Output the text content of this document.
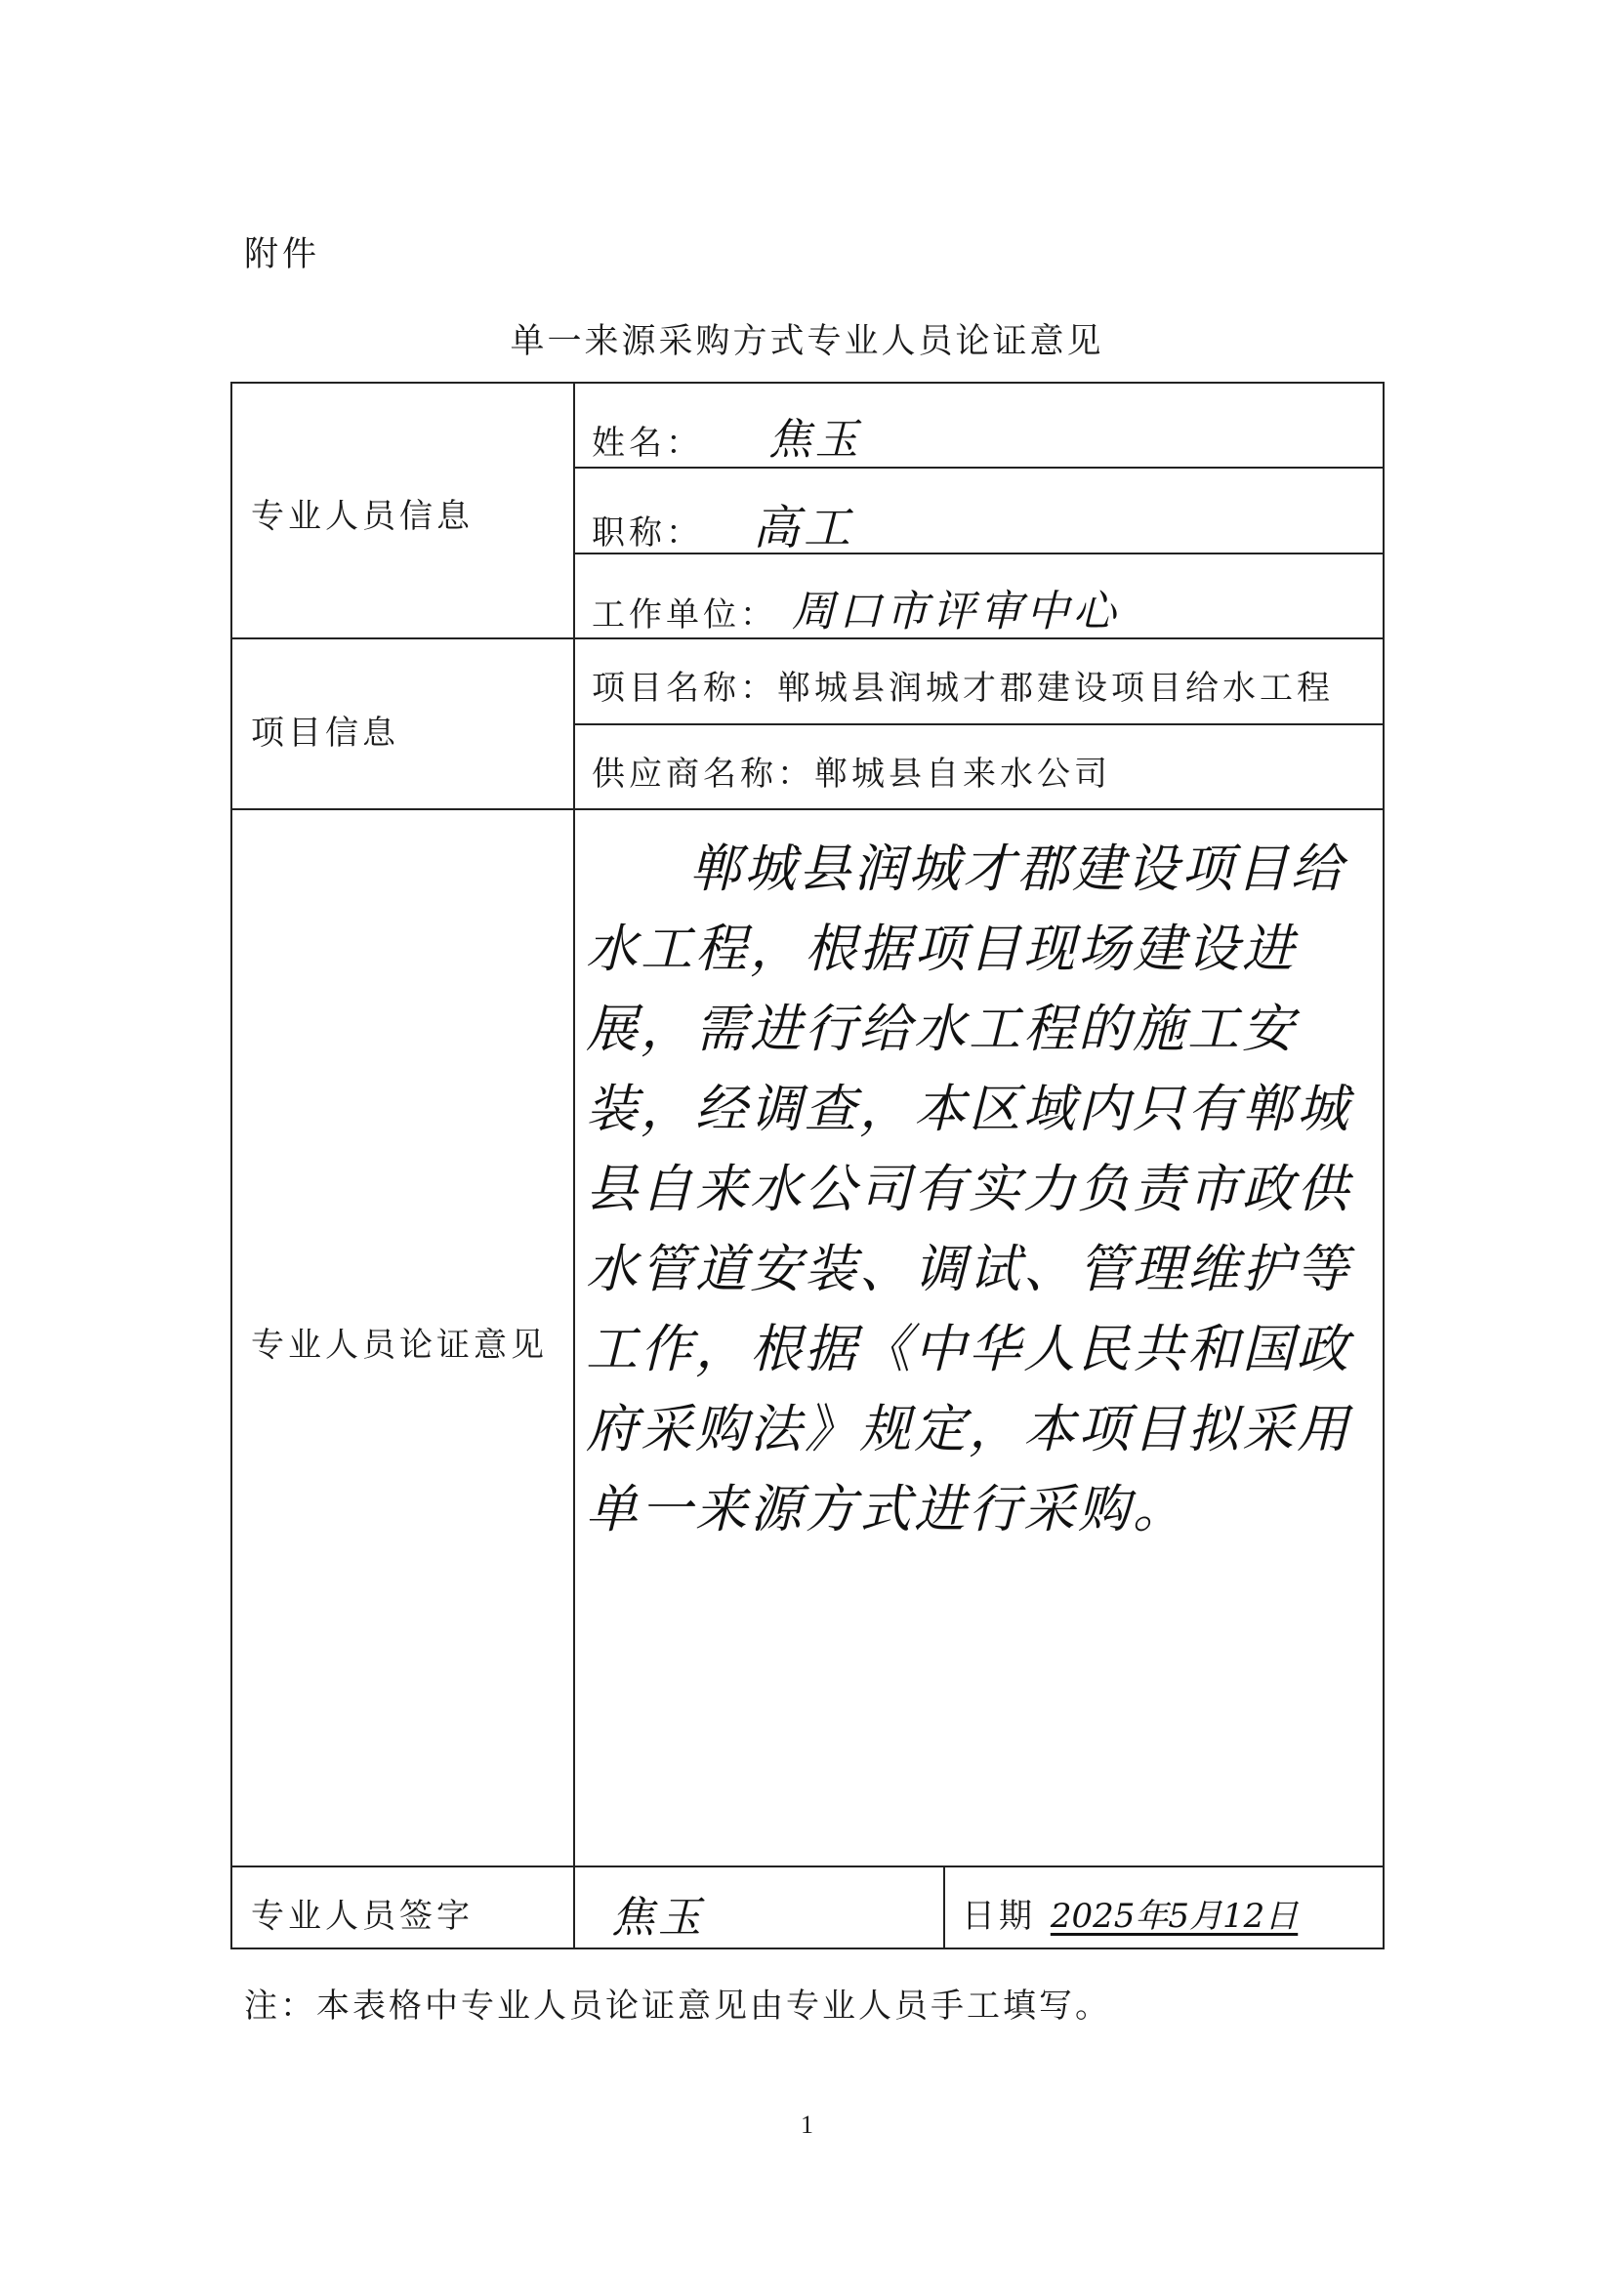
附件
单一来源采购方式专业人员论证意见
专业人员信息
姓名： 焦玉
职称： 高工
工作单位： 周口市评审中心
项目信息
项目名称：郸城县润城才郡建设项目给水工程
供应商名称：郸城县自来水公司
专业人员论证意见
郸城县润城才郡建设项目给水工程，根据项目现场建设进展，需进行给水工程的施工安装，经调查，本区域内只有郸城县自来水公司有实力负责市政供水管道安装、调试、管理维护等工作，根据《中华人民共和国政府采购法》规定，本项目拟采用单一来源方式进行采购。
专业人员签字	焦玉	日期 2025年5月12日
注：本表格中专业人员论证意见由专业人员手工填写。
1
